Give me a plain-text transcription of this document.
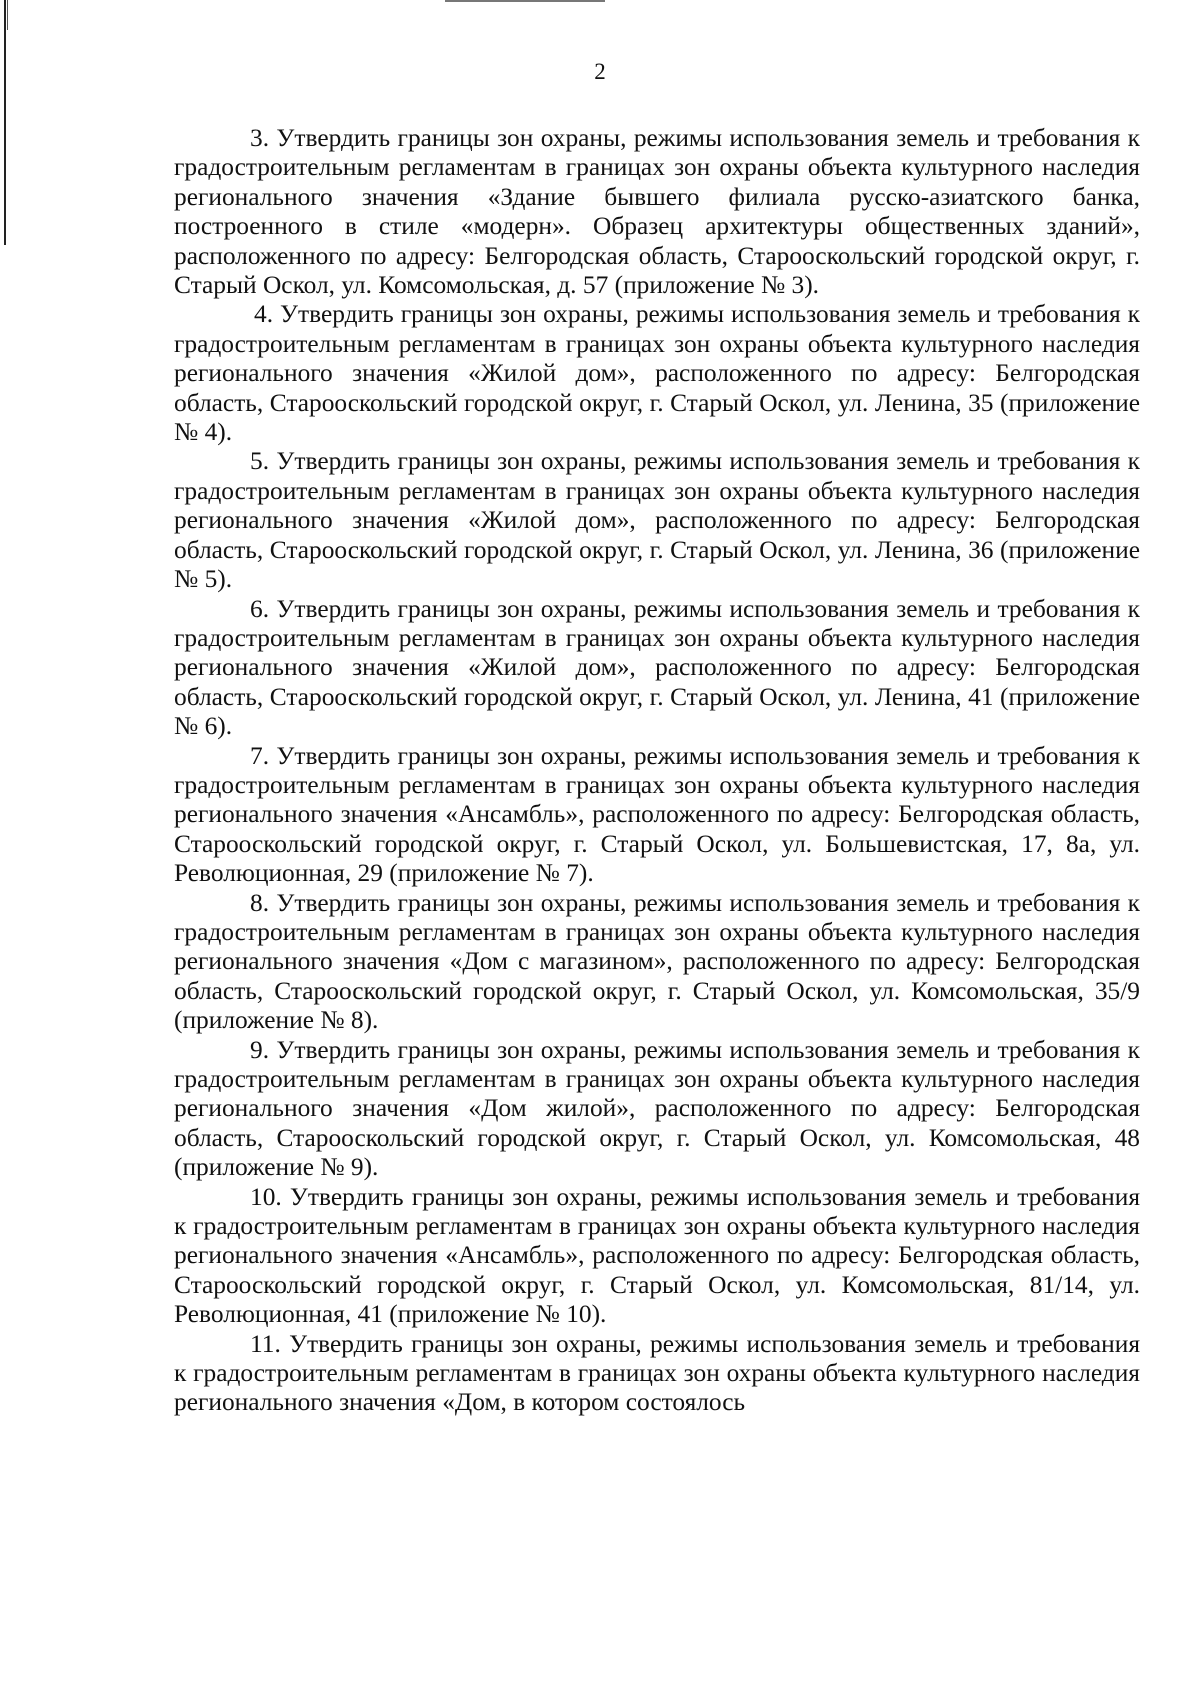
2

3. Утвердить границы зон охраны, режимы использования земель и требования к градостроительным регламентам в границах зон охраны объекта культурного наследия регионального значения «Здание бывшего филиала русско-азиатского банка, построенного в стиле «модерн». Образец архитектуры общественных зданий», расположенного по адресу: Белгородская область, Старооскольский городской округ, г. Старый Оскол, ул. Комсомольская, д. 57 (приложение № 3).

4. Утвердить границы зон охраны, режимы использования земель и требования к градостроительным регламентам в границах зон охраны объекта культурного наследия регионального значения «Жилой дом», расположенного по адресу: Белгородская область, Старооскольский городской округ, г. Старый Оскол, ул. Ленина, 35 (приложение № 4).

5. Утвердить границы зон охраны, режимы использования земель и требования к градостроительным регламентам в границах зон охраны объекта культурного наследия регионального значения «Жилой дом», расположенного по адресу: Белгородская область, Старооскольский городской округ, г. Старый Оскол, ул. Ленина, 36 (приложение № 5).

6. Утвердить границы зон охраны, режимы использования земель и требования к градостроительным регламентам в границах зон охраны объекта культурного наследия регионального значения «Жилой дом», расположенного по адресу: Белгородская область, Старооскольский городской округ, г. Старый Оскол, ул. Ленина, 41 (приложение № 6).

7. Утвердить границы зон охраны, режимы использования земель и требования к градостроительным регламентам в границах зон охраны объекта культурного наследия регионального значения «Ансамбль», расположенного по адресу: Белгородская область, Старооскольский городской округ, г. Старый Оскол, ул. Большевистская, 17, 8а, ул. Революционная, 29 (приложение № 7).

8. Утвердить границы зон охраны, режимы использования земель и требования к градостроительным регламентам в границах зон охраны объекта культурного наследия регионального значения «Дом с магазином», расположенного по адресу: Белгородская область, Старооскольский городской округ, г. Старый Оскол, ул. Комсомольская, 35/9 (приложение № 8).

9. Утвердить границы зон охраны, режимы использования земель и требования к градостроительным регламентам в границах зон охраны объекта культурного наследия регионального значения «Дом жилой», расположенного по адресу: Белгородская область, Старооскольский городской округ, г. Старый Оскол, ул. Комсомольская, 48 (приложение № 9).

10. Утвердить границы зон охраны, режимы использования земель и требования к градостроительным регламентам в границах зон охраны объекта культурного наследия регионального значения «Ансамбль», расположенного по адресу: Белгородская область, Старооскольский городской округ, г. Старый Оскол, ул. Комсомольская, 81/14, ул. Революционная, 41 (приложение № 10).

11. Утвердить границы зон охраны, режимы использования земель и требования к градостроительным регламентам в границах зон охраны объекта культурного наследия регионального значения «Дом, в котором состоялось
